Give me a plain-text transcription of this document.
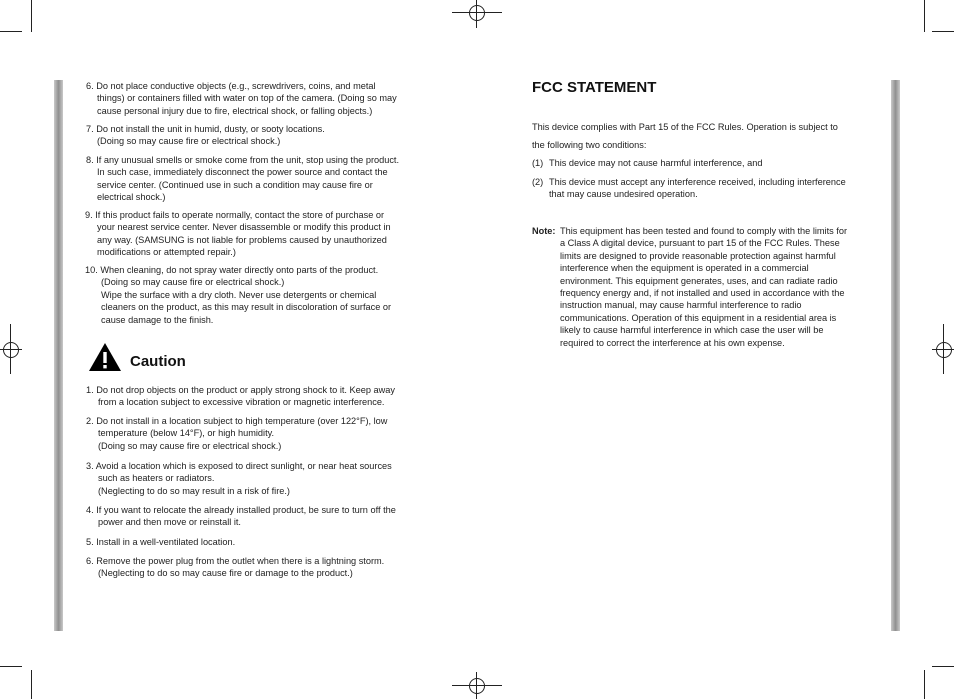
6. Do not place conductive objects (e.g., screwdrivers, coins, and metal
things) or containers filled with water on top of the camera. (Doing so may
cause personal injury due to fire, electrical shock, or falling objects.)
7. Do not install the unit in humid, dusty, or sooty locations.
(Doing so may cause fire or electrical shock.)
8. If any unusual smells or smoke come from the unit, stop using the product.
In such case, immediately disconnect the power source and contact the
service center. (Continued use in such a condition may cause fire or
electrical shock.)
9. If this product fails to operate normally, contact the store of purchase or
your nearest service center. Never disassemble or modify this product in
any way. (SAMSUNG is not liable for problems caused by unauthorized
modifications or attempted repair.)
10. When cleaning, do not spray water directly onto parts of the product.
(Doing so may cause fire or electrical shock.)
Wipe the surface with a dry cloth. Never use detergents or chemical
cleaners on the product, as this may result in discoloration of surface or
cause damage to the finish.
Caution
1. Do not drop objects on the product or apply strong shock to it. Keep away
from a location subject to excessive vibration or magnetic interference.
2. Do not install in a location subject to high temperature (over 122°F), low
temperature (below 14°F), or high humidity.
(Doing so may cause fire or electrical shock.)
3. Avoid a location which is exposed to direct sunlight, or near heat sources
such as heaters or radiators.
(Neglecting to do so may result in a risk of fire.)
4. If you want to relocate the already installed product, be sure to turn off the
power and then move or reinstall it.
5. Install in a well-ventilated location.
6. Remove the power plug from the outlet when there is a lightning storm.
(Neglecting to do so may cause fire or damage to the product.)
FCC STATEMENT
This device complies with Part 15 of the FCC Rules. Operation is subject to
the following two conditions:
(1) This device may not cause harmful interference, and
(2) This device must accept any interference received, including interference
that may cause undesired operation.
Note: This equipment has been tested and found to comply with the limits for
a Class A digital device, pursuant to part 15 of the FCC Rules. These
limits are designed to provide reasonable protection against harmful
interference when the equipment is operated in a commercial
environment. This equipment generates, uses, and can radiate radio
frequency energy and, if not installed and used in accordance with the
instruction manual, may cause harmful interference to radio
communications. Operation of this equipment in a residential area is
likely to cause harmful interference in which case the user will be
required to correct the interference at his own expense.
